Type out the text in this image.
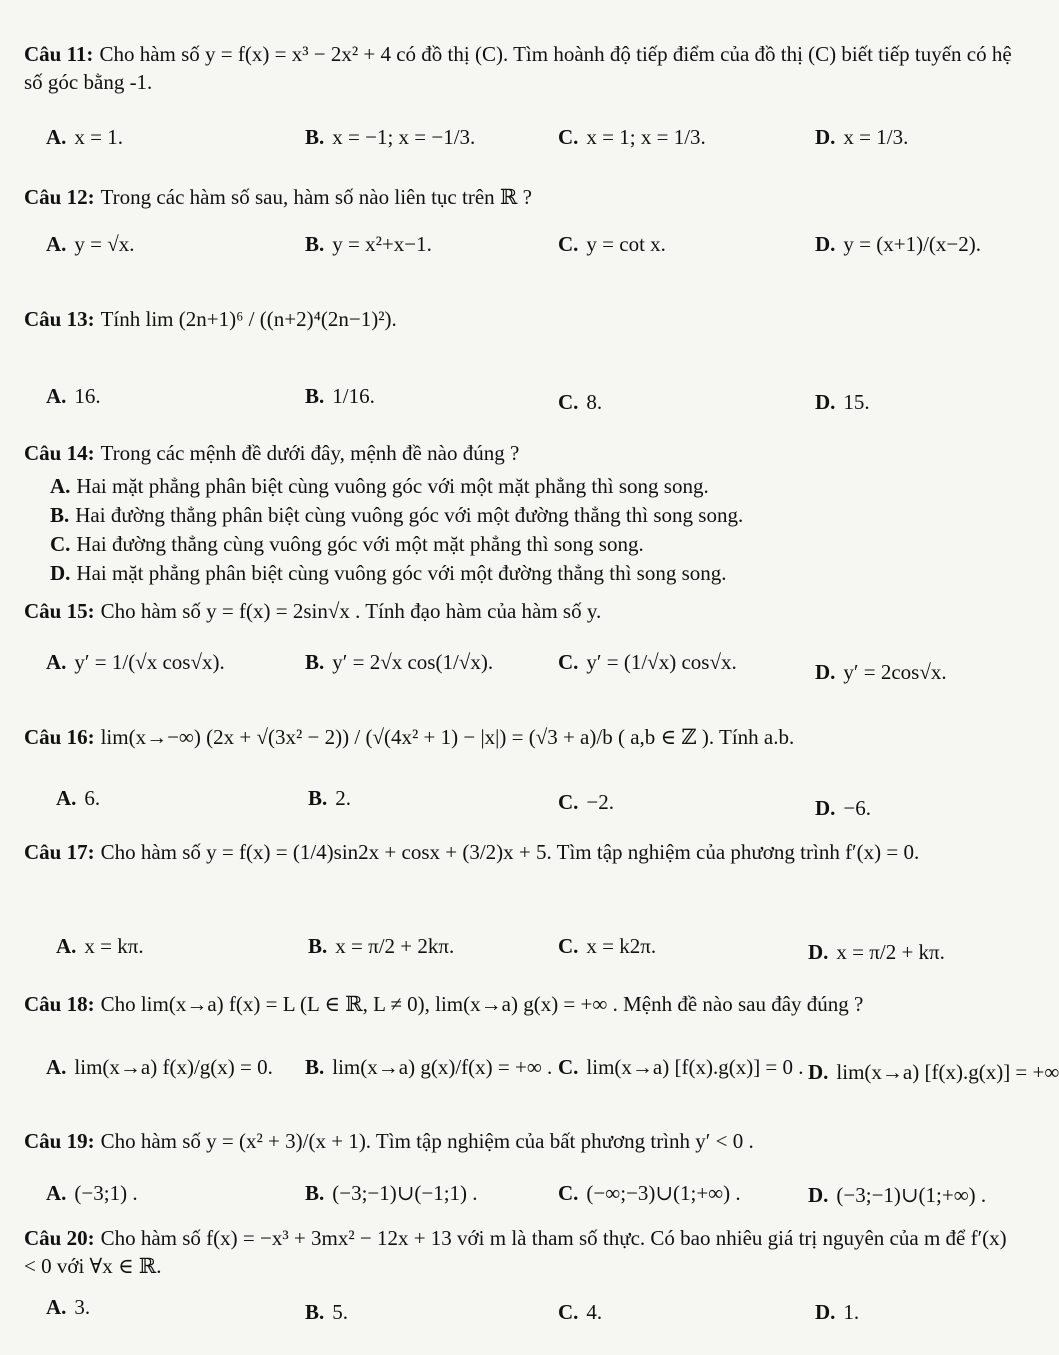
Câu 11: Cho hàm số y = f(x) = x³ − 2x² + 4 có đồ thị (C). Tìm hoành độ tiếp điểm của đồ thị (C) biết tiếp tuyến có hệ số góc bằng -1.
A. x = 1.	B. x = −1; x = −1/3.	C. x = 1; x = 1/3.	D. x = 1/3.
Câu 12: Trong các hàm số sau, hàm số nào liên tục trên ℝ ?
A. y = √x.	B. y = x²+x−1.	C. y = cot x.	D. y = (x+1)/(x−2).
Câu 13: Tính lim (2n+1)⁶ / ((n+2)⁴(2n−1)²).
A. 16.	B. 1/16.	C. 8.	D. 15.
Câu 14: Trong các mệnh đề dưới đây, mệnh đề nào đúng ?
A. Hai mặt phẳng phân biệt cùng vuông góc với một mặt phẳng thì song song.
B. Hai đường thẳng phân biệt cùng vuông góc với một đường thẳng thì song song.
C. Hai đường thẳng cùng vuông góc với một mặt phẳng thì song song.
D. Hai mặt phẳng phân biệt cùng vuông góc với một đường thẳng thì song song.
Câu 15: Cho hàm số y = f(x) = 2sin√x . Tính đạo hàm của hàm số y.
A. y′ = 1/(√x cos√x).	B. y′ = 2√x cos(1/√x).	C. y′ = (1/√x) cos√x.	D. y′ = 2cos√x.
Câu 16: lim(x→−∞) (2x + √(3x² − 2)) / (√(4x² + 1) − |x|) = (√3 + a)/b ( a,b ∈ ℤ ). Tính a.b.
A. 6.	B. 2.	C. −2.	D. −6.
Câu 17: Cho hàm số y = f(x) = (1/4)sin2x + cosx + (3/2)x + 5. Tìm tập nghiệm của phương trình f′(x) = 0.
A. x = kπ.	B. x = π/2 + 2kπ.	C. x = k2π.	D. x = π/2 + kπ.
Câu 18: Cho lim(x→a) f(x) = L (L ∈ ℝ, L ≠ 0), lim(x→a) g(x) = +∞ . Mệnh đề nào sau đây đúng ?
A. lim(x→a) f(x)/g(x) = 0. B. lim(x→a) g(x)/f(x) = +∞ . C. lim(x→a) [f(x).g(x)] = 0 . D. lim(x→a) [f(x).g(x)] = +∞
Câu 19: Cho hàm số y = (x² + 3)/(x + 1). Tìm tập nghiệm của bất phương trình y′ < 0 .
A. (−3;1) .	B. (−3;−1)∪(−1;1) .	C. (−∞;−3)∪(1;+∞) .	D. (−3;−1)∪(1;+∞) .
Câu 20: Cho hàm số f(x) = −x³ + 3mx² − 12x + 13 với m là tham số thực. Có bao nhiêu giá trị nguyên của m để f′(x) < 0 với ∀x ∈ ℝ.
A. 3.	B. 5.	C. 4.	D. 1.
